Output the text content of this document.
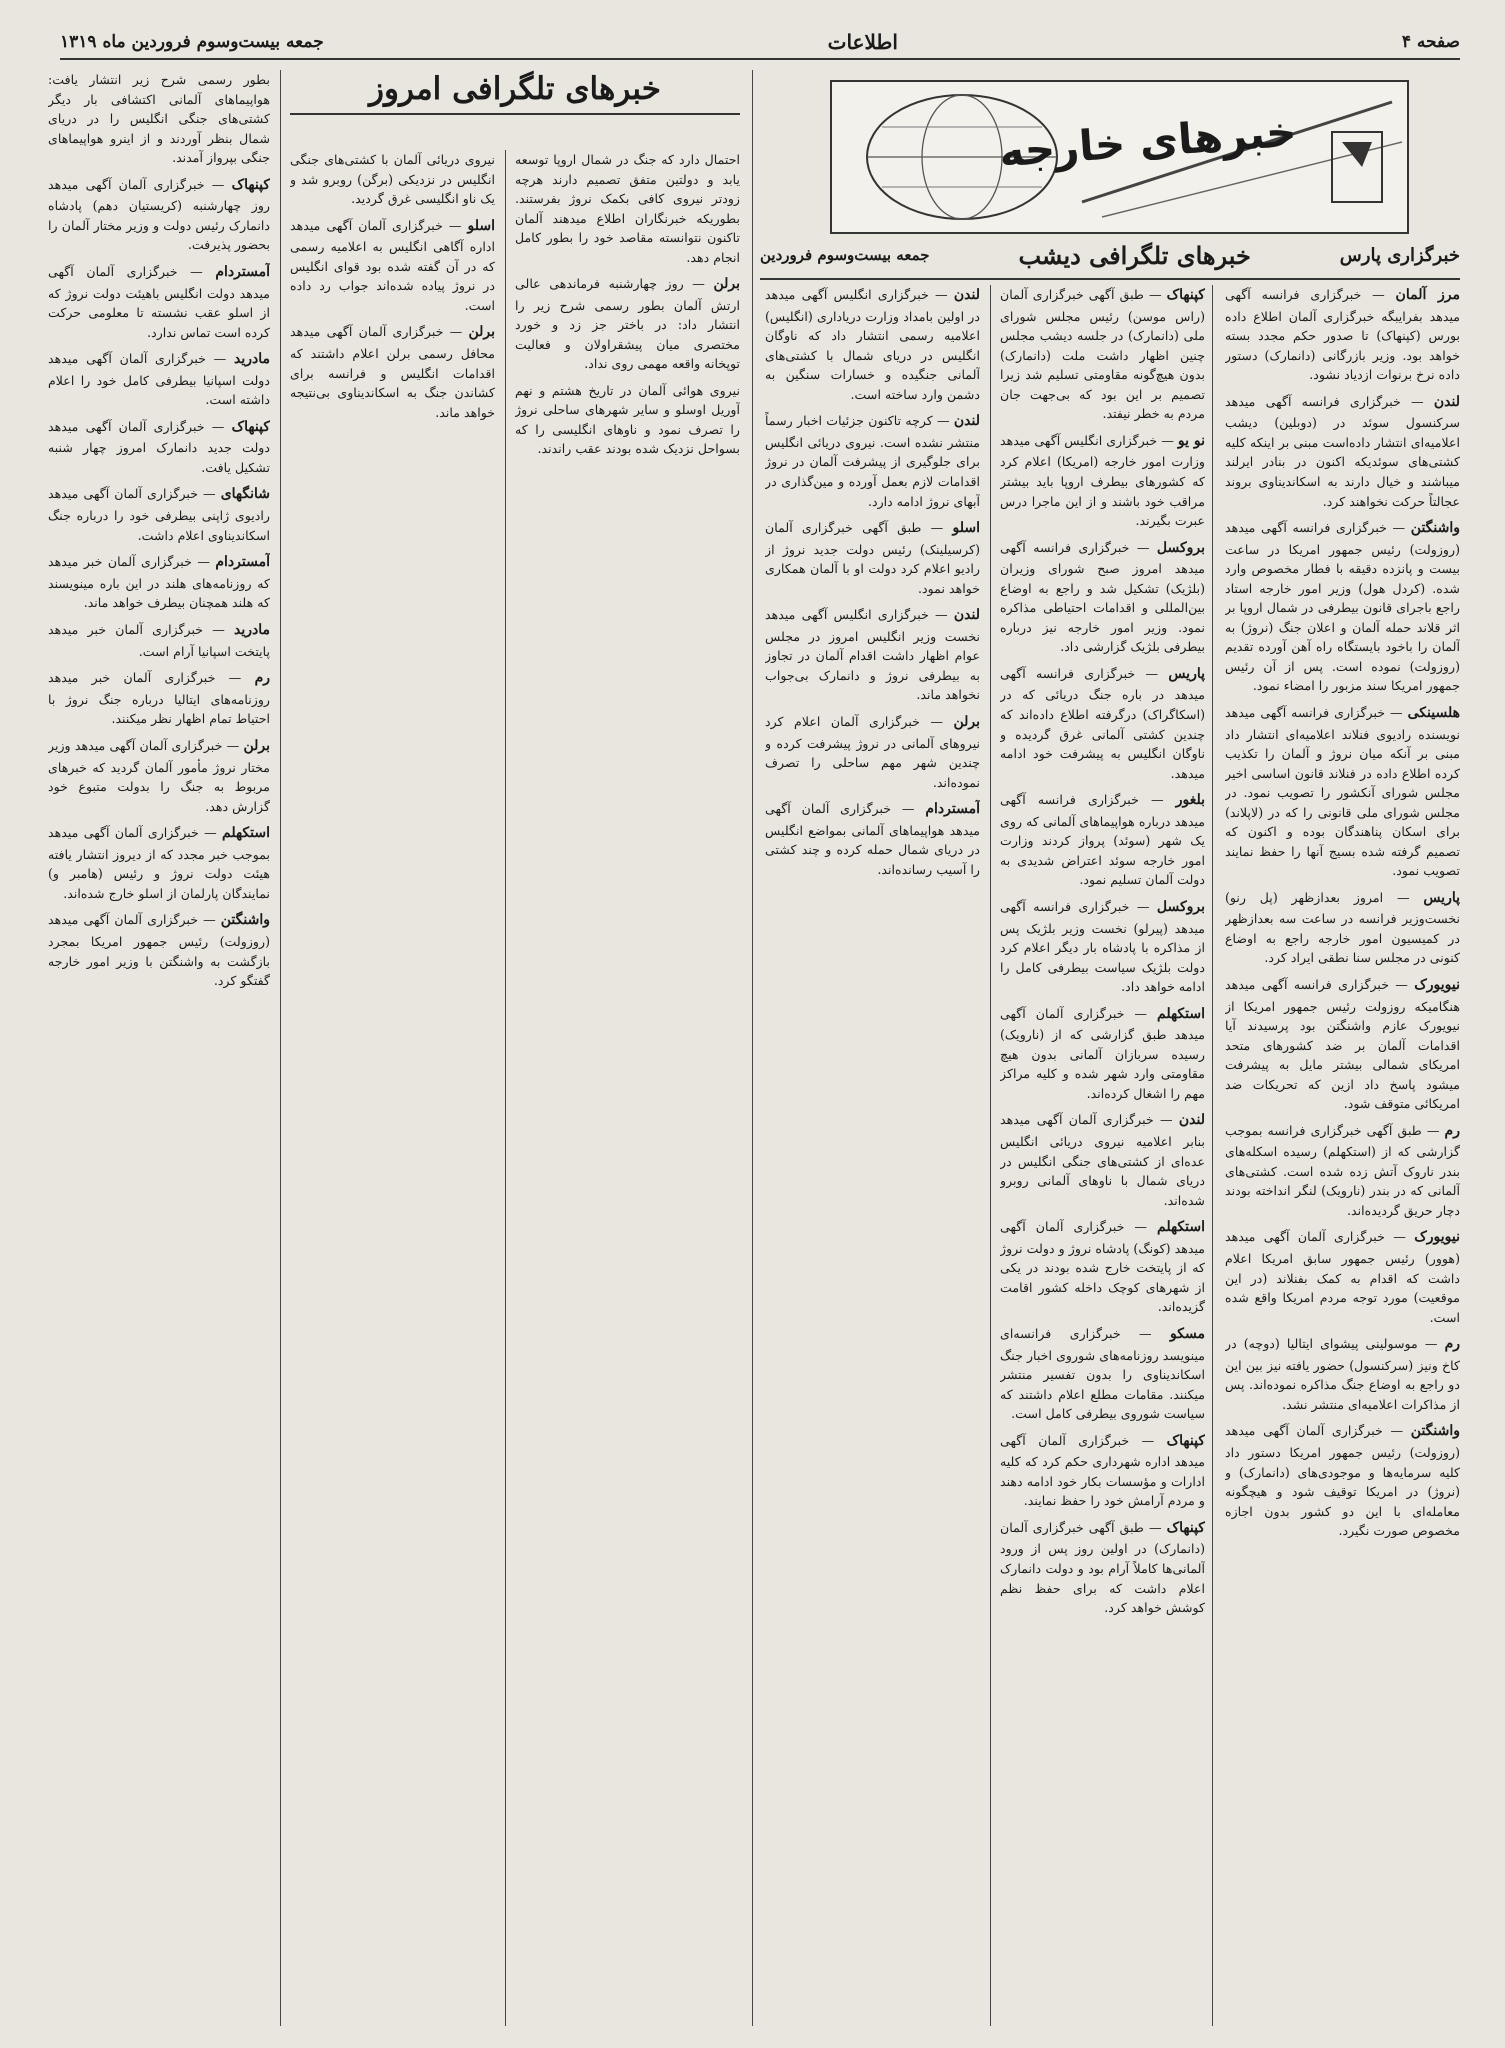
صفحه ۴
اطلاعات
جمعه بیست‌وسوم فروردین ماه ۱۳۱۹
خبرهای خارجه
خبرگزاری پارس
خبرهای تلگرافی دیشب
جمعه بیست‌وسوم فروردین
مرز آلمان — خبرگزاری فرانسه آگهی میدهد بفرایبگه خبرگزاری آلمان اطلاع داده بورس (کپنهاک) تا صدور حکم مجدد بسته خواهد بود. وزیر بازرگانی (دانمارک) دستور داده نرخ برنوات ازدیاد نشود.
لندن — خبرگزاری فرانسه آگهی میدهد سرکنسول سوئد در (دوبلین) دیشب اعلامیه‌ای انتشار داده‌است مبنی بر اینکه کلیه کشتی‌های سوئدیکه اکنون در بنادر ایرلند میباشند و خیال دارند به اسکاندیناوی بروند عجالتاً حرکت نخواهند کرد.
واشنگتن — خبرگزاری فرانسه آگهی میدهد (روزولت) رئیس جمهور امریکا در ساعت بیست و پانزده دقیقه با فطار مخصوص وارد شده. (کردل هول) وزیر امور خارجه استاد راجع باجرای قانون بیطرفی در شمال اروپا بر اثر قلاند حمله آلمان و اعلان جنگ (نروژ) به آلمان را باخود بایستگاه راه آهن آورده تقدیم (روزولت) نموده است. پس از آن رئیس جمهور امریکا سند مزبور را امضاء نمود.
هلسینکی — خبرگزاری فرانسه آگهی میدهد نویسنده رادیوی فنلاند اعلامیه‌ای انتشار داد مبنی بر آنکه میان نروژ و آلمان را تکذیب کرده اطلاع داده در فنلاند قانون اساسی اخیر مجلس شورای آنکشور را تصویب نمود. در مجلس شورای ملی قانونی را که در (لاپلاند) برای اسکان پناهندگان بوده و اکنون که تصمیم گرفته شده بسیج آنها را حفظ نمایند تصویب نمود.
پاریس — امروز بعدازظهر (پل رنو) نخست‌وزیر فرانسه در ساعت سه بعدازظهر در کمیسیون امور خارجه راجع به اوضاع کنونی در مجلس سنا نطقی ایراد کرد.
نیویورک — خبرگزاری فرانسه آگهی میدهد هنگامیکه روزولت رئیس جمهور امریکا از نیویورک عازم واشنگتن بود پرسیدند آیا اقدامات آلمان بر ضد کشورهای متحد امریکای شمالی بیشتر مایل به پیشرفت میشود پاسخ داد ازین که تحریکات ضد امریکائی متوقف شود.
رم — طبق آگهی خبرگزاری فرانسه بموجب گزارشی که از (استکهلم) رسیده اسکله‌های بندر ناروک آتش زده شده است. کشتی‌های آلمانی که در بندر (نارویک) لنگر انداخته بودند دچار حریق گردیده‌اند.
نیویورک — خبرگزاری آلمان آگهی میدهد (هوور) رئیس جمهور سابق امریکا اعلام داشت که اقدام به کمک بفنلاند (در این موقعیت) مورد توجه مردم امریکا واقع شده است.
رم — موسولینی پیشوای ایتالیا (دوچه) در کاخ ونیز (سرکنسول) حضور یافته نیز بین این دو راجع به اوضاع جنگ مذاکره نموده‌اند. پس از مذاکرات اعلامیه‌ای منتشر نشد.
واشنگتن — خبرگزاری آلمان آگهی میدهد (روزولت) رئیس جمهور امریکا دستور داد کلیه سرمایه‌ها و موجودی‌های (دانمارک) و (نروژ) در امریکا توقیف شود و هیچگونه معامله‌ای با این دو کشور بدون اجازه مخصوص صورت نگیرد.
کپنهاک — طبق آگهی خبرگزاری آلمان (راس موسن) رئیس مجلس شورای ملی (دانمارک) در جلسه دیشب مجلس چنین اظهار داشت ملت (دانمارک) بدون هیچ‌گونه مقاومتی تسلیم شد زیرا تصمیم بر این بود که بی‌جهت جان مردم به خطر نیفتد.
نو یو — خبرگزاری انگلیس آگهی میدهد وزارت امور خارجه (امریکا) اعلام کرد که کشورهای بیطرف اروپا باید بیشتر مراقب خود باشند و از این ماجرا درس عبرت بگیرند.
بروکسل — خبرگزاری فرانسه آگهی میدهد امروز صبح شورای وزیران (بلژیک) تشکیل شد و راجع به اوضاع بین‌المللی و اقدامات احتیاطی مذاکره نمود. وزیر امور خارجه نیز درباره بیطرفی بلژیک گزارشی داد.
پاریس — خبرگزاری فرانسه آگهی میدهد در باره جنگ دریائی که در (اسکاگراک) درگرفته اطلاع داده‌اند که چندین کشتی آلمانی غرق گردیده و ناوگان انگلیس به پیشرفت خود ادامه میدهد.
بلغور — خبرگزاری فرانسه آگهی میدهد درباره هواپیماهای آلمانی که روی یک شهر (سوئد) پرواز کردند وزارت امور خارجه سوئد اعتراض شدیدی به دولت آلمان تسلیم نمود.
بروکسل — خبرگزاری فرانسه آگهی میدهد (پیرلو) نخست وزیر بلژیک پس از مذاکره با پادشاه بار دیگر اعلام کرد دولت بلژیک سیاست بیطرفی کامل را ادامه خواهد داد.
استکهلم — خبرگزاری آلمان آگهی میدهد طبق گزارشی که از (نارویک) رسیده سربازان آلمانی بدون هیچ مقاومتی وارد شهر شده و کلیه مراکز مهم را اشغال کرده‌اند.
لندن — خبرگزاری آلمان آگهی میدهد بنابر اعلامیه نیروی دریائی انگلیس عده‌ای از کشتی‌های جنگی انگلیس در دریای شمال با ناوهای آلمانی روبرو شده‌اند.
استکهلم — خبرگزاری آلمان آگهی میدهد (کونگ) پادشاه نروژ و دولت نروژ که از پایتخت خارج شده بودند در یکی از شهرهای کوچک داخله کشور اقامت گزیده‌اند.
مسکو — خبرگزاری فرانسه‌ای مینویسد روزنامه‌های شوروی اخبار جنگ اسکاندیناوی را بدون تفسیر منتشر میکنند. مقامات مطلع اعلام داشتند که سیاست شوروی بیطرفی کامل است.
کپنهاک — خبرگزاری آلمان آگهی میدهد اداره شهرداری حکم کرد که کلیه ادارات و مؤسسات بکار خود ادامه دهند و مردم آرامش خود را حفظ نمایند.
کپنهاک — طبق آگهی خبرگزاری آلمان (دانمارک) در اولین روز پس از ورود آلمانی‌ها کاملاً آرام بود و دولت دانمارک اعلام داشت که برای حفظ نظم کوشش خواهد کرد.
لندن — خبرگزاری انگلیس آگهی میدهد در اولین بامداد وزارت دریاداری (انگلیس) اعلامیه رسمی انتشار داد که ناوگان انگلیس در دریای شمال با کشتی‌های آلمانی جنگیده و خسارات سنگین به دشمن وارد ساخته است.
لندن — کرچه تاکنون جزئیات اخبار رسماً منتشر نشده است. نیروی دریائی انگلیس برای جلوگیری از پیشرفت آلمان در نروژ اقدامات لازم بعمل آورده و مین‌گذاری در آبهای نروژ ادامه دارد.
اسلو — طبق آگهی خبرگزاری آلمان (کرسیلینک) رئیس دولت جدید نروژ از رادیو اعلام کرد دولت او با آلمان همکاری خواهد نمود.
لندن — خبرگزاری انگلیس آگهی میدهد نخست وزیر انگلیس امروز در مجلس عوام اظهار داشت اقدام آلمان در تجاوز به بیطرفی نروژ و دانمارک بی‌جواب نخواهد ماند.
برلن — خبرگزاری آلمان اعلام کرد نیروهای آلمانی در نروژ پیشرفت کرده و چندین شهر مهم ساحلی را تصرف نموده‌اند.
آمستردام — خبرگزاری آلمان آگهی میدهد هواپیماهای آلمانی بمواضع انگلیس در دریای شمال حمله کرده و چند کشتی را آسیب رسانده‌اند.
خبرهای تلگرافی امروز
احتمال دارد که جنگ در شمال اروپا توسعه یابد و دولتین متفق تصمیم دارند هرچه زودتر نیروی کافی بکمک نروژ بفرستند. بطوریکه خبرنگاران اطلاع میدهند آلمان تاکنون نتوانسته مقاصد خود را بطور کامل انجام دهد.
برلن — روز چهارشنبه فرماندهی عالی ارتش آلمان بطور رسمی شرح زیر را انتشار داد: در باختر جز زد و خورد مختصری میان پیشقراولان و فعالیت توپخانه واقعه مهمی روی نداد.
نیروی هوائی آلمان در تاریخ هشتم و نهم آوریل اوسلو و سایر شهرهای ساحلی نروژ را تصرف نمود و ناوهای انگلیسی را که بسواحل نزدیک شده بودند عقب راندند.
نیروی دریائی آلمان با کشتی‌های جنگی انگلیس در نزدیکی (برگن) روبرو شد و یک ناو انگلیسی غرق گردید.
اسلو — خبرگزاری آلمان آگهی میدهد اداره آگاهی انگلیس به اعلامیه رسمی که در آن گفته شده بود قوای انگلیس در نروژ پیاده شده‌اند جواب رد داده است.
برلن — خبرگزاری آلمان آگهی میدهد محافل رسمی برلن اعلام داشتند که اقدامات انگلیس و فرانسه برای کشاندن جنگ به اسکاندیناوی بی‌نتیجه خواهد ماند.
بطور رسمی شرح زیر انتشار یافت: هواپیماهای آلمانی اکتشافی بار دیگر کشتی‌های جنگی انگلیس را در دریای شمال بنظر آوردند و از اینرو هواپیماهای جنگی بپرواز آمدند.
کپنهاک — خبرگزاری آلمان آگهی میدهد روز چهارشنبه (کریستیان دهم) پادشاه دانمارک رئیس دولت و وزیر مختار آلمان را بحضور پذیرفت.
آمستردام — خبرگزاری آلمان آگهی میدهد دولت انگلیس باهیئت دولت نروژ که از اسلو عقب نشسته تا معلومی حرکت کرده است تماس ندارد.
مادرید — خبرگزاری آلمان آگهی میدهد دولت اسپانیا بیطرفی کامل خود را اعلام داشته است.
کپنهاک — خبرگزاری آلمان آگهی میدهد دولت جدید دانمارک امروز چهار شنبه تشکیل یافت.
شانگهای — خبرگزاری آلمان آگهی میدهد رادیوی ژاپنی بیطرفی خود را درباره جنگ اسکاندیناوی اعلام داشت.
آمستردام — خبرگزاری آلمان خبر میدهد که روزنامه‌های هلند در این باره مینویسند که هلند همچنان بیطرف خواهد ماند.
مادرید — خبرگزاری آلمان خبر میدهد پایتخت اسپانیا آرام است.
رم — خبرگزاری آلمان خبر میدهد روزنامه‌های ایتالیا درباره جنگ نروژ با احتیاط تمام اظهار نظر میکنند.
برلن — خبرگزاری آلمان آگهی میدهد وزیر مختار نروژ مأمور آلمان گردید که خبرهای مربوط به جنگ را بدولت متبوع خود گزارش دهد.
استکهلم — خبرگزاری آلمان آگهی میدهد بموجب خبر مجدد که از دیروز انتشار یافته هیئت دولت نروژ و رئیس (هامبر و) نمایندگان پارلمان از اسلو خارج شده‌اند.
واشنگتن — خبرگزاری آلمان آگهی میدهد (روزولت) رئیس جمهور امریکا بمجرد بازگشت به واشنگتن با وزیر امور خارجه گفتگو کرد.
